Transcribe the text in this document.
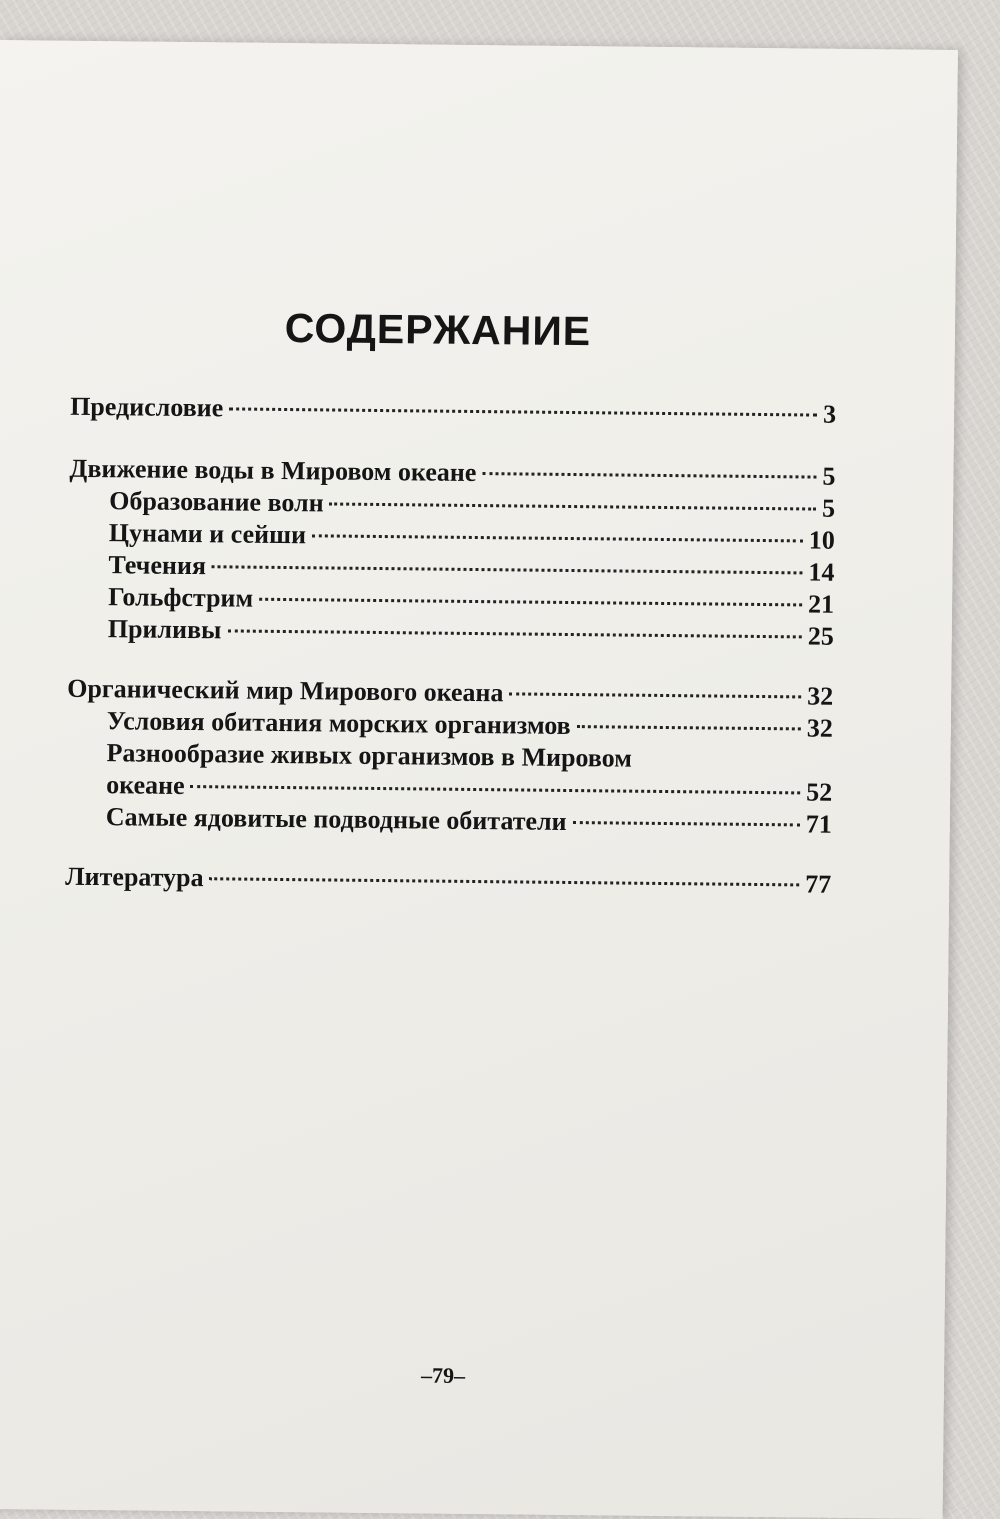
СОДЕРЖАНИЕ
Предисловие	3
Движение воды в Мировом океане	5
Образование волн	5
Цунами и сейши	10
Течения	14
Гольфстрим	21
Приливы	25
Органический мир Мирового океана	32
Условия обитания морских организмов	32
Разнообразие живых организмов в Мировом
океане	52
Самые ядовитые подводные обитатели	71
Литература	77
–79–
